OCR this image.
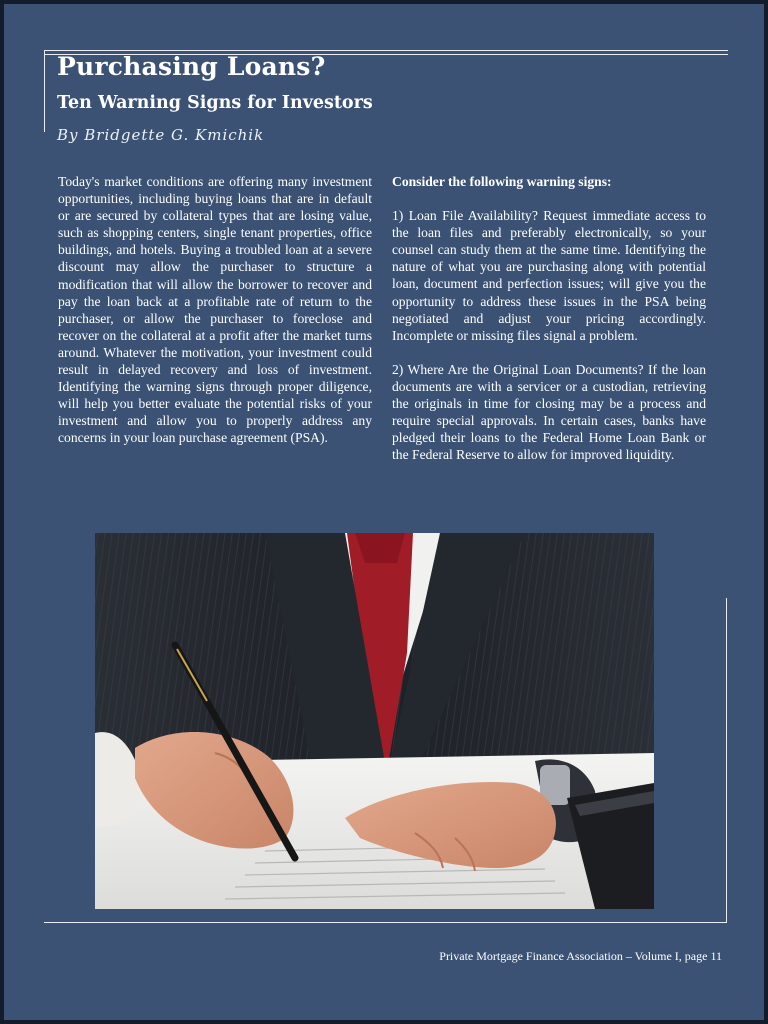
Purchasing Loans?
Ten Warning Signs for Investors

By Bridgette G. Kmichik

Today's market conditions are offering many investment opportunities, including buying loans that are in default or are secured by collateral types that are losing value, such as shopping centers, single tenant properties, office buildings, and hotels. Buying a troubled loan at a severe discount may allow the purchaser to structure a modification that will allow the borrower to recover and pay the loan back at a profitable rate of return to the purchaser, or allow the purchaser to foreclose and recover on the collateral at a profit after the market turns around. Whatever the motivation, your investment could result in delayed recovery and loss of investment. Identifying the warning signs through proper diligence, will help you better evaluate the potential risks of your investment and allow you to properly address any concerns in your loan purchase agreement (PSA).

Consider the following warning signs:

1) Loan File Availability? Request immediate access to the loan files and preferably electronically, so your counsel can study them at the same time. Identifying the nature of what you are purchasing along with potential loan, document and perfection issues; will give you the opportunity to address these issues in the PSA being negotiated and adjust your pricing accordingly. Incomplete or missing files signal a problem.

2) Where Are the Original Loan Documents? If the loan documents are with a servicer or a custodian, retrieving the originals in time for closing may be a process and require special approvals. In certain cases, banks have pledged their loans to the Federal Home Loan Bank or the Federal Reserve to allow for improved liquidity.

Private Mortgage Finance Association – Volume I, page 11
